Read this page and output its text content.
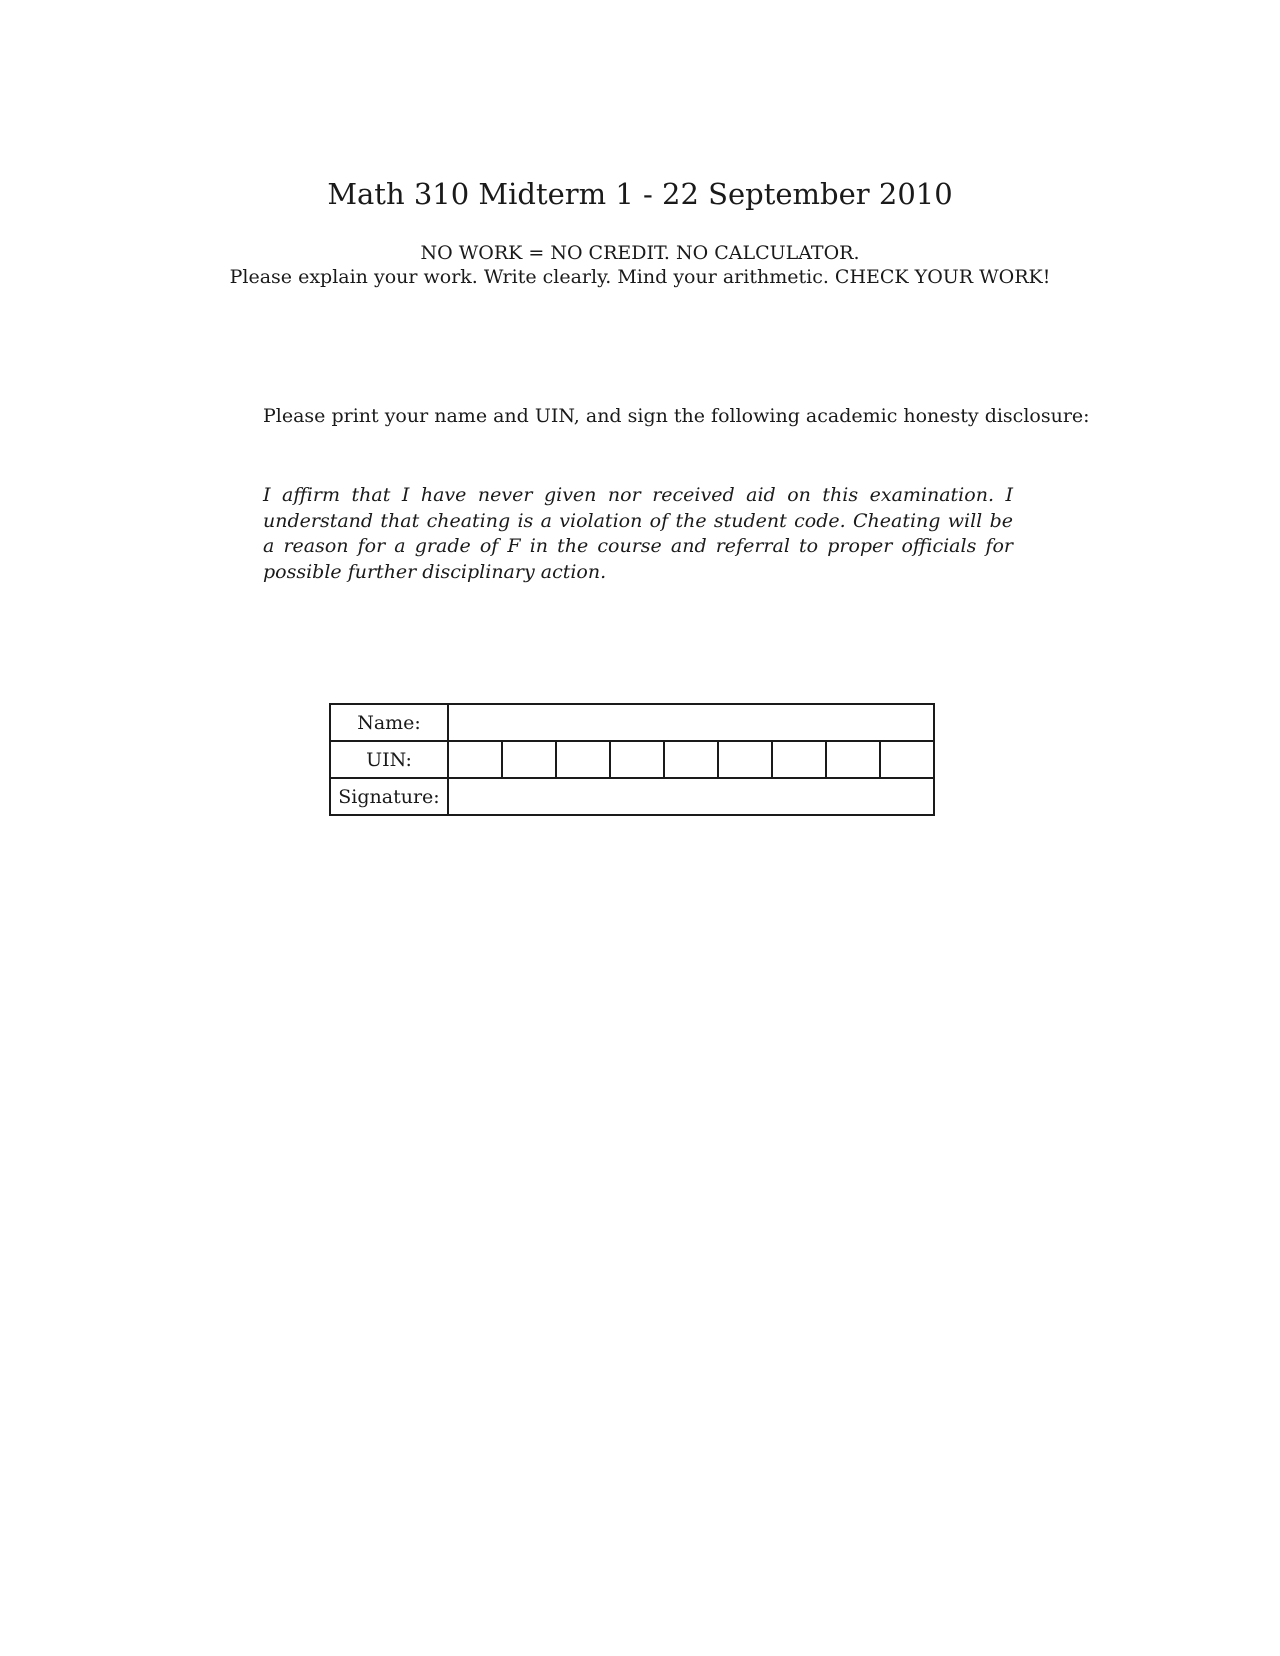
Math 310 Midterm 1 - 22 September 2010
NO WORK = NO CREDIT. NO CALCULATOR.
Please explain your work. Write clearly. Mind your arithmetic. CHECK YOUR WORK!
Please print your name and UIN, and sign the following academic honesty disclosure:
I affirm that I have never given nor received aid on this examination. I understand that cheating is a violation of the student code. Cheating will be a reason for a grade of F in the course and referral to proper officials for possible further disciplinary action.
Name:									
UIN:									
Signature:									
